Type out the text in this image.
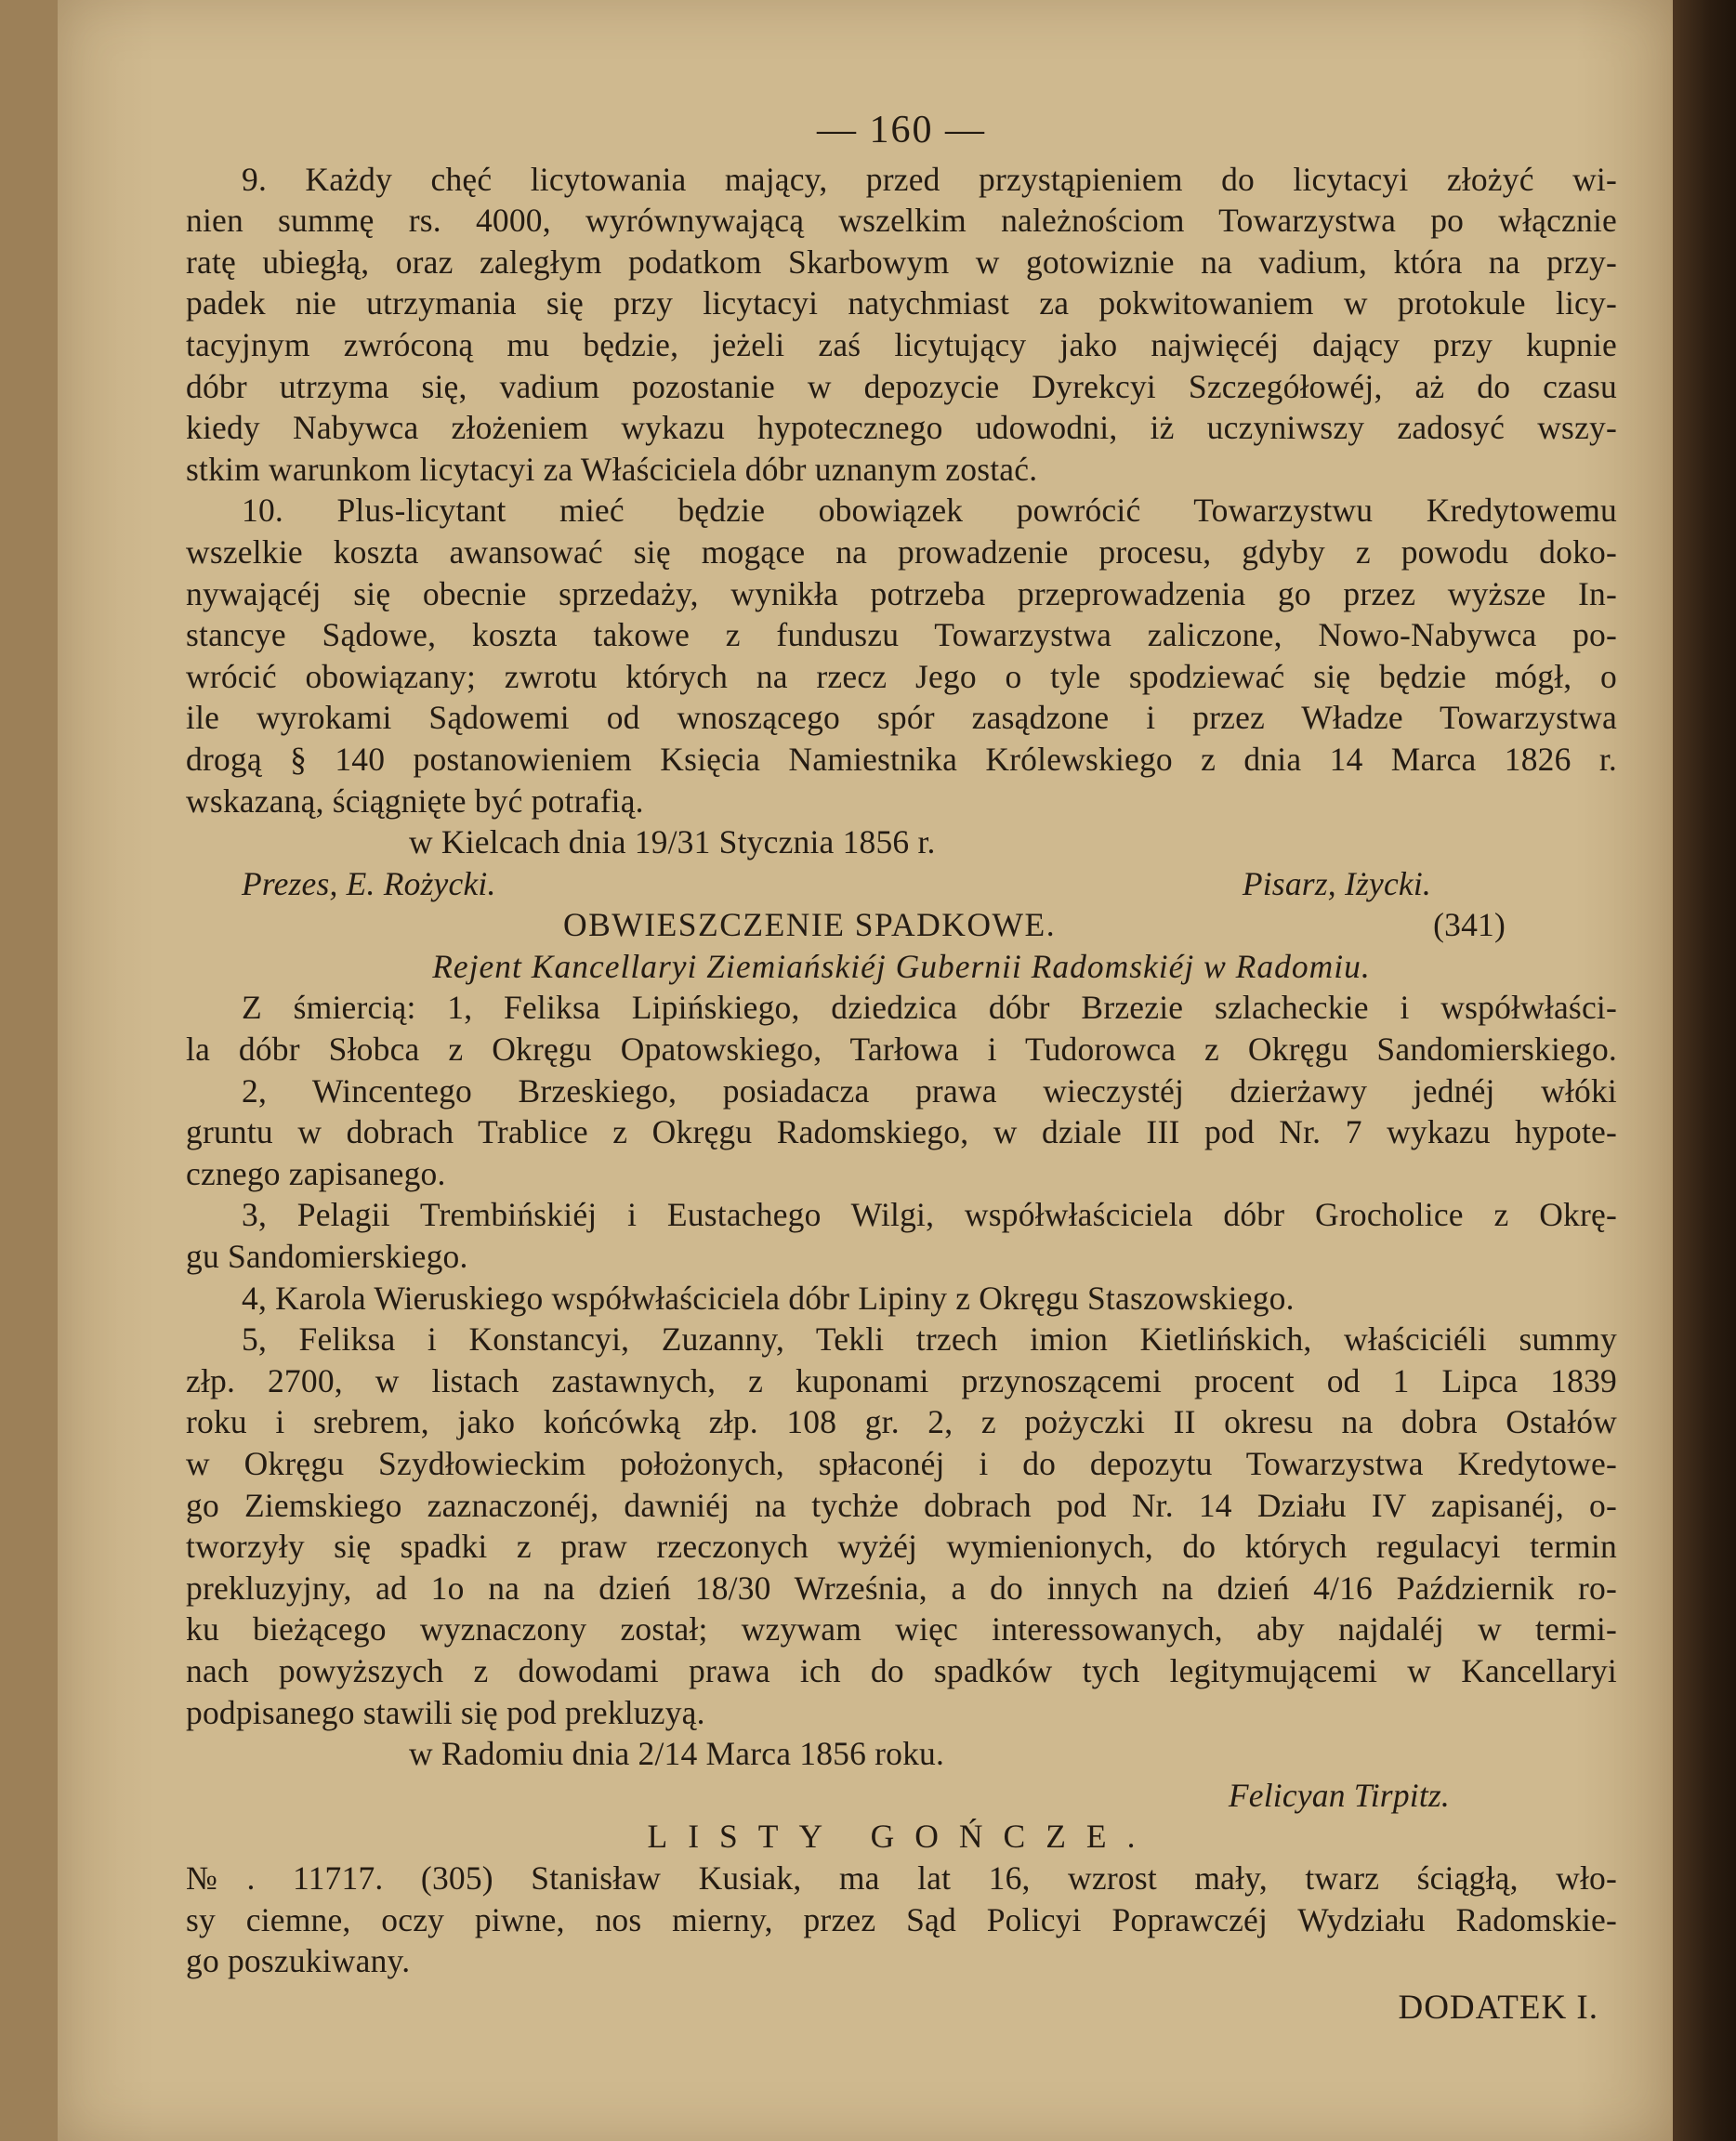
— 160 —
9. Każdy chęć licytowania mający, przed przystąpieniem do licytacyi złożyć wi-
nien summę rs. 4000, wyrównywającą wszelkim należnościom Towarzystwa po włącznie
ratę ubiegłą, oraz zaległym podatkom Skarbowym w gotowiznie na vadium, która na przy-
padek nie utrzymania się przy licytacyi natychmiast za pokwitowaniem w protokule licy-
tacyjnym zwróconą mu będzie, jeżeli zaś licytujący jako najwięcéj dający przy kupnie
dóbr utrzyma się, vadium pozostanie w depozycie Dyrekcyi Szczegółowéj, aż do czasu
kiedy Nabywca złożeniem wykazu hypotecznego udowodni, iż uczyniwszy zadosyć wszy-
stkim warunkom licytacyi za Właściciela dóbr uznanym zostać.
10. Plus-licytant mieć będzie obowiązek powrócić Towarzystwu Kredytowemu
wszelkie koszta awansować się mogące na prowadzenie procesu, gdyby z powodu doko-
nywającéj się obecnie sprzedaży, wynikła potrzeba przeprowadzenia go przez wyższe In-
stancye Sądowe, koszta takowe z funduszu Towarzystwa zaliczone, Nowo-Nabywca po-
wrócić obowiązany; zwrotu których na rzecz Jego o tyle spodziewać się będzie mógł, o
ile wyrokami Sądowemi od wnoszącego spór zasądzone i przez Władze Towarzystwa
drogą § 140 postanowieniem Księcia Namiestnika Królewskiego z dnia 14 Marca 1826 r.
wskazaną, ściągnięte być potrafią.
w Kielcach dnia 19/31 Stycznia 1856 r.
Prezes, E. Rożycki.	Pisarz, Iżycki.
OBWIESZCZENIE SPADKOWE.	(341)
Rejent Kancellaryi Ziemiańskiéj Gubernii Radomskiéj w Radomiu.
Z śmiercią: 1, Feliksa Lipińskiego, dziedzica dóbr Brzezie szlacheckie i współwłaści-
la dóbr Słobca z Okręgu Opatowskiego, Tarłowa i Tudorowca z Okręgu Sandomierskiego.
2, Wincentego Brzeskiego, posiadacza prawa wieczystéj dzierżawy jednéj włóki
gruntu w dobrach Trablice z Okręgu Radomskiego, w dziale III pod Nr. 7 wykazu hypote-
cznego zapisanego.
3, Pelagii Trembińskiéj i Eustachego Wilgi, współwłaściciela dóbr Grocholice z Okrę-
gu Sandomierskiego.
4, Karola Wieruskiego współwłaściciela dóbr Lipiny z Okręgu Staszowskiego.
5, Feliksa i Konstancyi, Zuzanny, Tekli trzech imion Kietlińskich, właściciéli summy
złp. 2700, w listach zastawnych, z kuponami przynoszącemi procent od 1 Lipca 1839
roku i srebrem, jako końcówką złp. 108 gr. 2, z pożyczki II okresu na dobra Ostałów
w Okręgu Szydłowieckim położonych, spłaconéj i do depozytu Towarzystwa Kredytowe-
go Ziemskiego zaznaczonéj, dawniéj na tychże dobrach pod Nr. 14 Działu IV zapisanéj, o-
tworzyły się spadki z praw rzeczonych wyżéj wymienionych, do których regulacyi termin
prekluzyjny, ad 1o na na dzień 18/30 Września, a do innych na dzień 4/16 Październik ro-
ku bieżącego wyznaczony został; wzywam więc interessowanych, aby najdaléj w termi-
nach powyższych z dowodami prawa ich do spadków tych legitymującemi w Kancellaryi
podpisanego stawili się pod prekluzyą.
w Radomiu dnia 2/14 Marca 1856 roku.
Felicyan Tirpitz.
LISTY GOŃCZE.
№. 11717. (305) Stanisław Kusiak, ma lat 16, wzrost mały, twarz ściągłą, wło-
sy ciemne, oczy piwne, nos mierny, przez Sąd Policyi Poprawczéj Wydziału Radomskie-
go poszukiwany.
DODATEK I.
